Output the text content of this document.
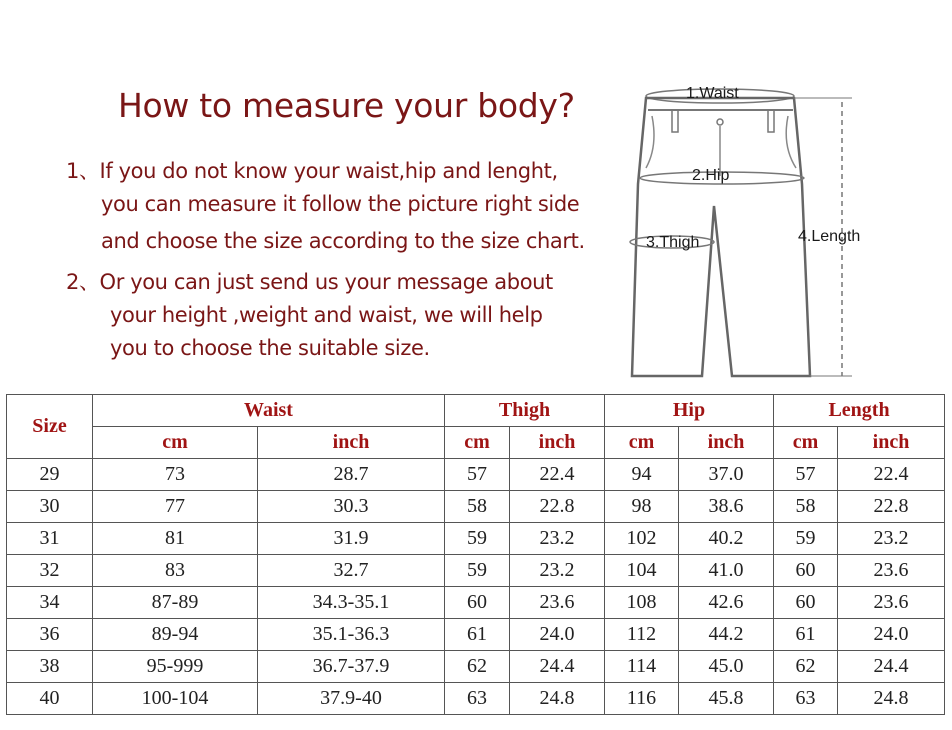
How to measure your body?

1、If you do not know your waist,hip and lenght,

you can measure it follow the picture right side

and choose the size according to the size chart.

2、Or you can just send us your message about

your height ,weight and waist, we will help

you to choose the suitable size.

1.Waist
2.Hip
3.Thigh	4.Length
Size	Waist		Thigh		Hip		Length	
	cm	inch	cm	inch	cm	inch	cm	inch
29	73	28.7	57	22.4	94	37.0	57	22.4
30	77	30.3	58	22.8	98	38.6	58	22.8
31	81	31.9	59	23.2	102	40.2	59	23.2
32	83	32.7	59	23.2	104	41.0	60	23.6
34	87-89	34.3-35.1	60	23.6	108	42.6	60	23.6
36	89-94	35.1-36.3	61	24.0	112	44.2	61	24.0
38	95-999	36.7-37.9	62	24.4	114	45.0	62	24.4
40	100-104	37.9-40	63	24.8	116	45.8	63	24.8
